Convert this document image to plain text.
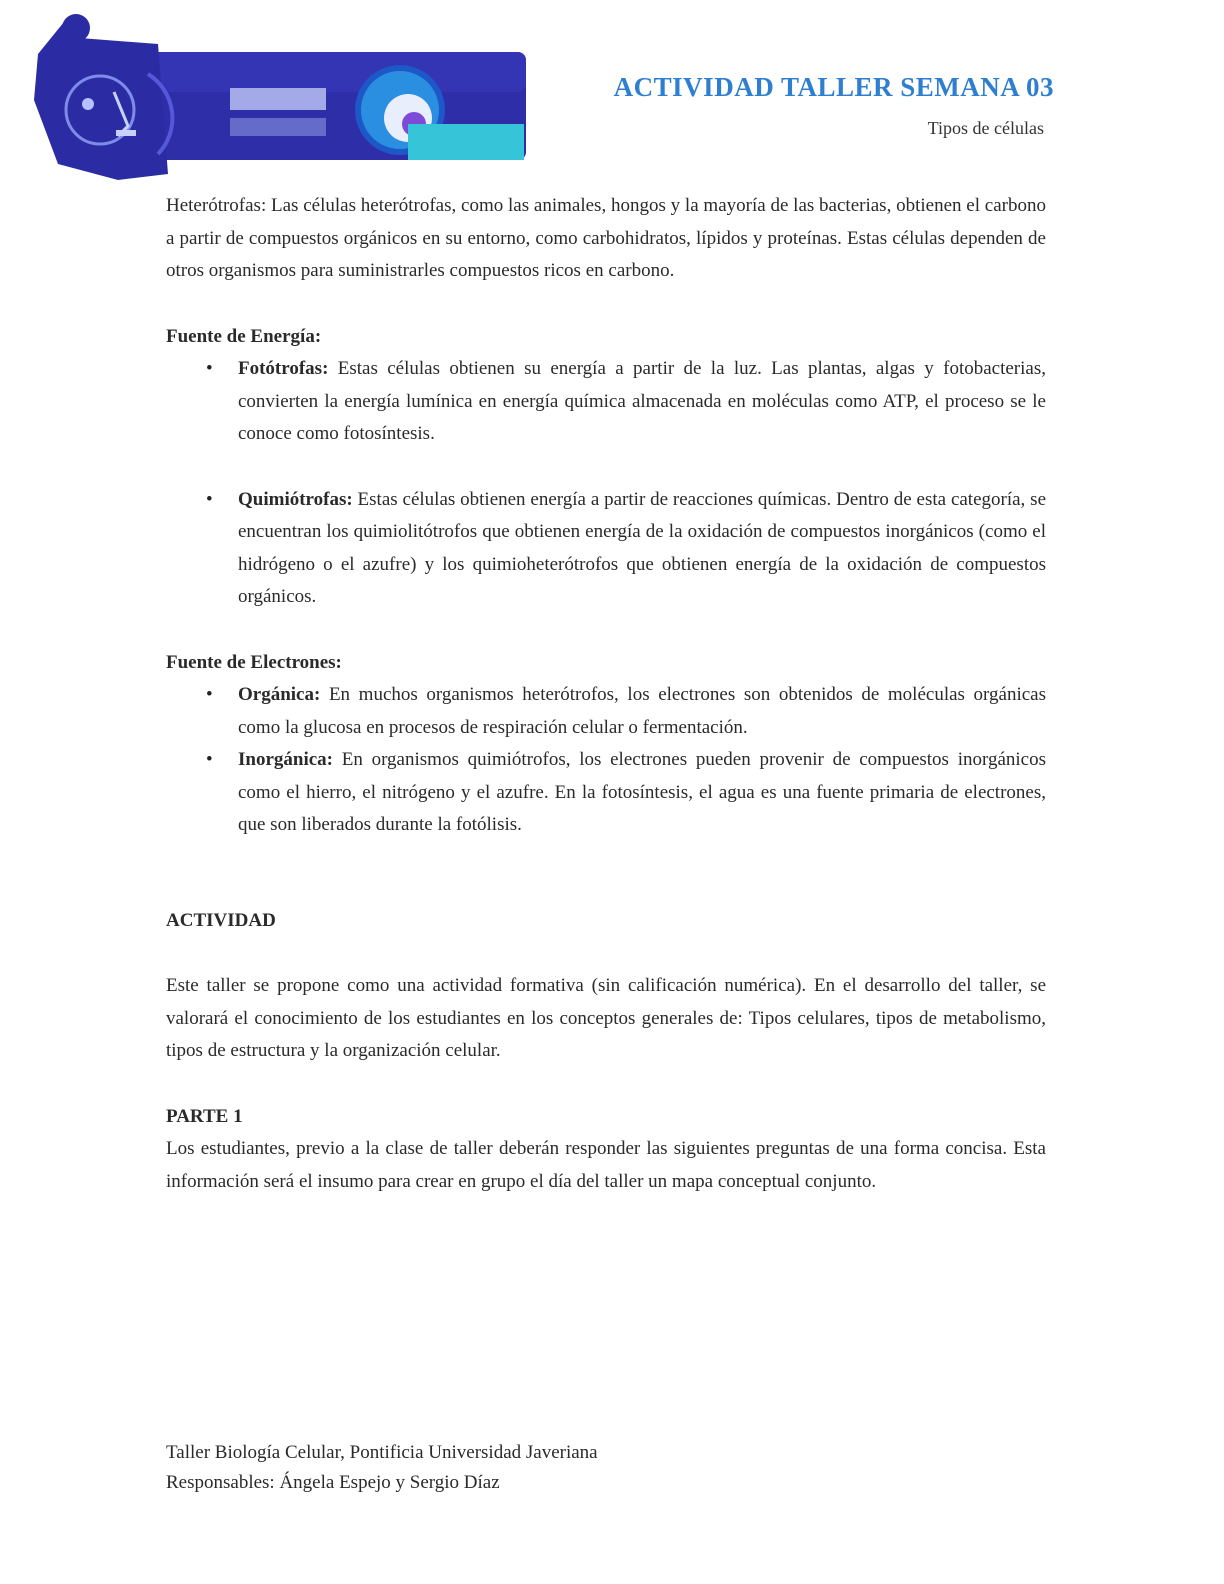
ACTIVIDAD TALLER SEMANA 03
Tipos de células

Heterótrofas: Las células heterótrofas, como las animales, hongos y la mayoría de las bacterias, obtienen el carbono a partir de compuestos orgánicos en su entorno, como carbohidratos, lípidos y proteínas. Estas células dependen de otros organismos para suministrarles compuestos ricos en carbono.

Fuente de Energía:
• Fotótrofas: Estas células obtienen su energía a partir de la luz. Las plantas, algas y fotobacterias, convierten la energía lumínica en energía química almacenada en moléculas como ATP, el proceso se le conoce como fotosíntesis.
• Quimiótrofas: Estas células obtienen energía a partir de reacciones químicas. Dentro de esta categoría, se encuentran los quimiolitótrofos que obtienen energía de la oxidación de compuestos inorgánicos (como el hidrógeno o el azufre) y los quimioheterótrofos que obtienen energía de la oxidación de compuestos orgánicos.
Fuente de Electrones:
• Orgánica: En muchos organismos heterótrofos, los electrones son obtenidos de moléculas orgánicas como la glucosa en procesos de respiración celular o fermentación.
• Inorgánica: En organismos quimiótrofos, los electrones pueden provenir de compuestos inorgánicos como el hierro, el nitrógeno y el azufre. En la fotosíntesis, el agua es una fuente primaria de electrones, que son liberados durante la fotólisis.
ACTIVIDAD

Este taller se propone como una actividad formativa (sin calificación numérica). En el desarrollo del taller, se valorará el conocimiento de los estudiantes en los conceptos generales de: Tipos celulares, tipos de metabolismo, tipos de estructura y la organización celular.

PARTE 1

Los estudiantes, previo a la clase de taller deberán responder las siguientes preguntas de una forma concisa. Esta información será el insumo para crear en grupo el día del taller un mapa conceptual conjunto.

Taller Biología Celular, Pontificia Universidad Javeriana
Responsables: Ángela Espejo y Sergio Díaz
